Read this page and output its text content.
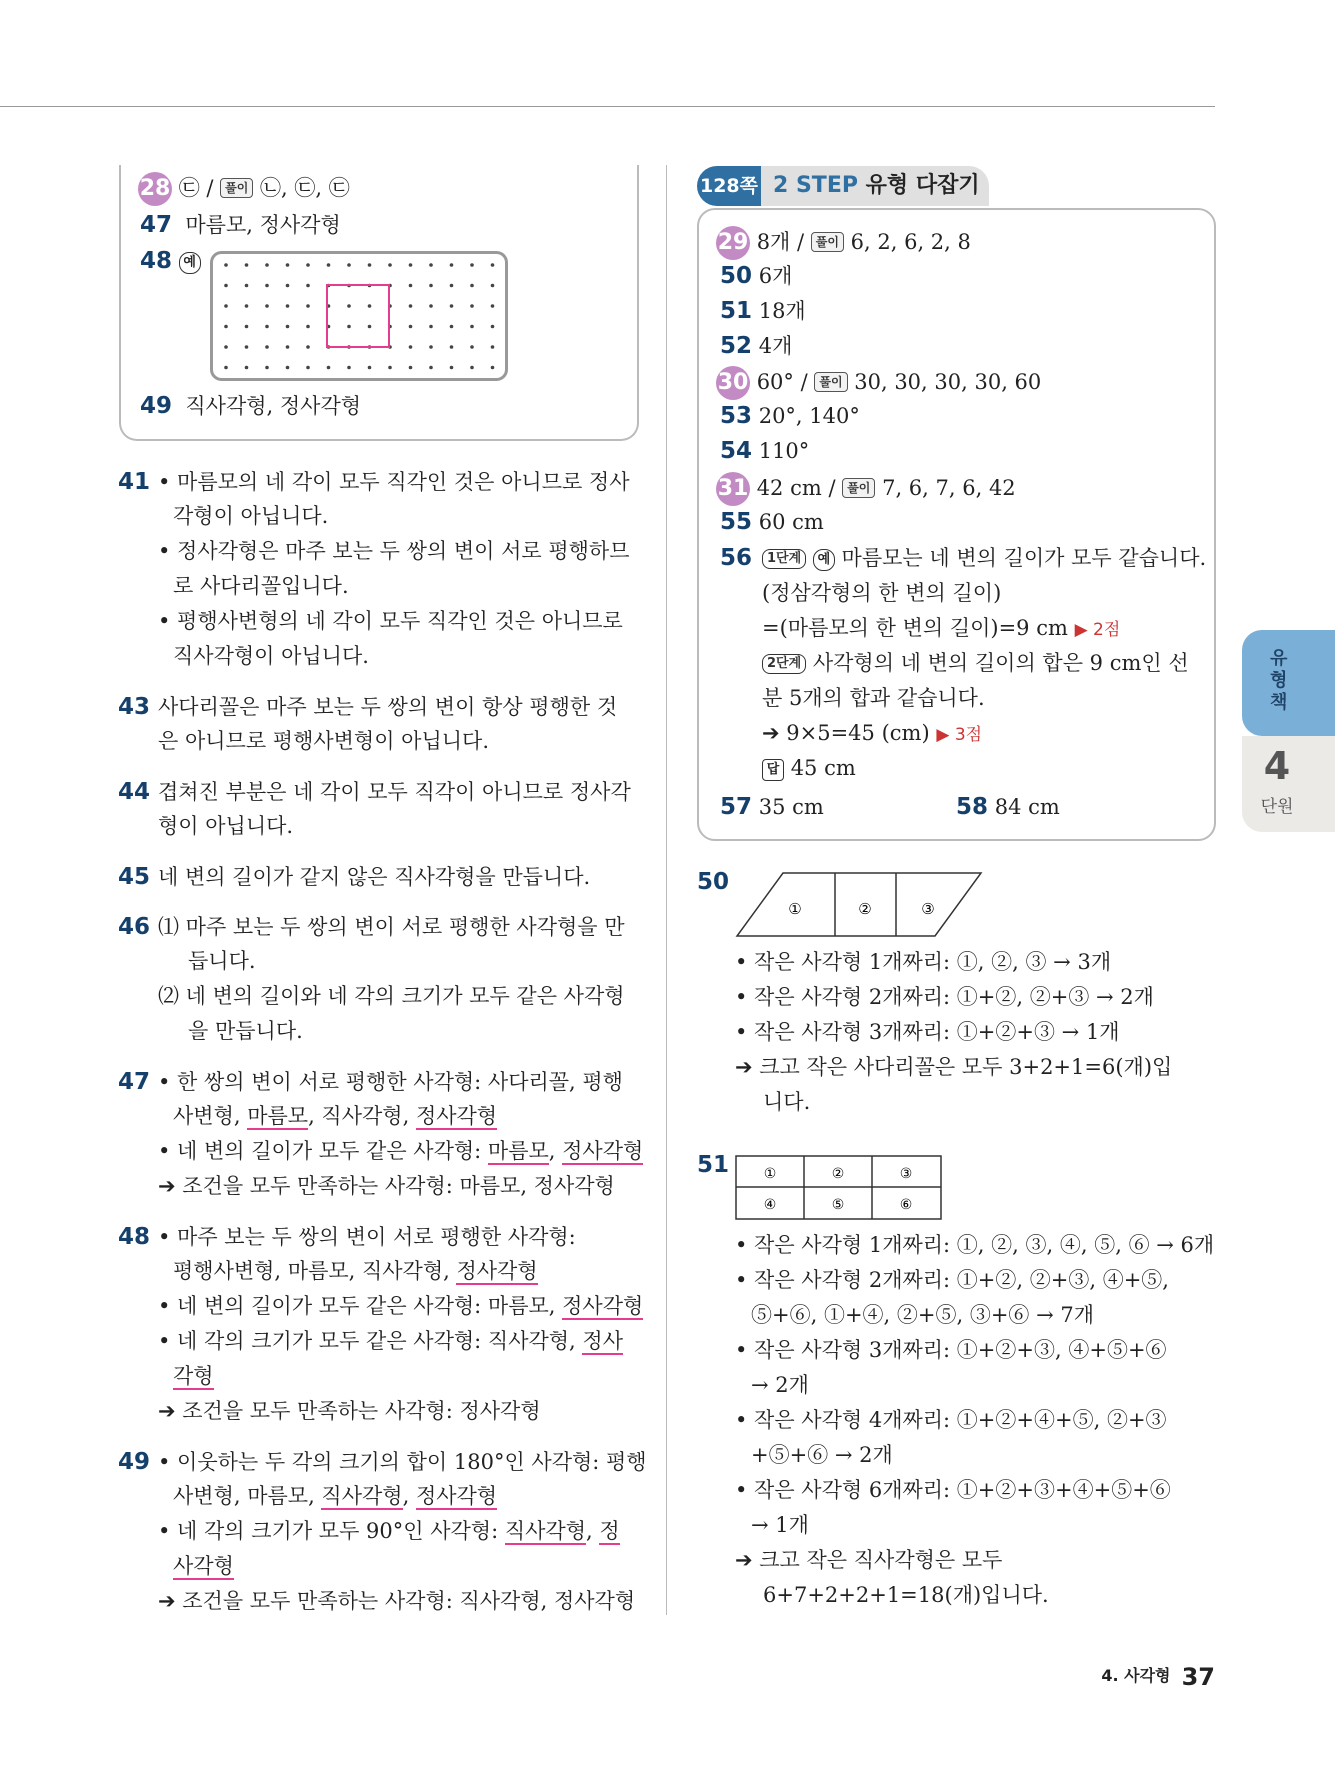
28 ㉢ / 풀이 ㉡, ㉢, ㉢
47 마름모, 정사각형
48 예
49 직사각형, 정사각형
41 • 마름모의 네 각이 모두 직각인 것은 아니므로 정사
각형이 아닙니다.
• 정사각형은 마주 보는 두 쌍의 변이 서로 평행하므
로 사다리꼴입니다.
• 평행사변형의 네 각이 모두 직각인 것은 아니므로
직사각형이 아닙니다.
43 사다리꼴은 마주 보는 두 쌍의 변이 항상 평행한 것
은 아니므로 평행사변형이 아닙니다.
44 겹쳐진 부분은 네 각이 모두 직각이 아니므로 정사각
형이 아닙니다.
45 네 변의 길이가 같지 않은 직사각형을 만듭니다.
46 ⑴ 마주 보는 두 쌍의 변이 서로 평행한 사각형을 만
듭니다.
⑵ 네 변의 길이와 네 각의 크기가 모두 같은 사각형
을 만듭니다.
47 • 한 쌍의 변이 서로 평행한 사각형: 사다리꼴, 평행
사변형, 마름모, 직사각형, 정사각형
• 네 변의 길이가 모두 같은 사각형: 마름모, 정사각형
➔ 조건을 모두 만족하는 사각형: 마름모, 정사각형
48 • 마주 보는 두 쌍의 변이 서로 평행한 사각형:
평행사변형, 마름모, 직사각형, 정사각형
• 네 변의 길이가 모두 같은 사각형: 마름모, 정사각형
• 네 각의 크기가 모두 같은 사각형: 직사각형, 정사
각형
➔ 조건을 모두 만족하는 사각형: 정사각형
49 • 이웃하는 두 각의 크기의 합이 180°인 사각형: 평행
사변형, 마름모, 직사각형, 정사각형
• 네 각의 크기가 모두 90°인 사각형: 직사각형, 정
사각형
➔ 조건을 모두 만족하는 사각형: 직사각형, 정사각형
128쪽 2 STEP 유형 다잡기
29 8개 / 풀이 6, 2, 6, 2, 8
50 6개
51 18개
52 4개
30 60° / 풀이 30, 30, 30, 30, 60
53 20°, 140°
54 110°
31 42 cm / 풀이 7, 6, 7, 6, 42
55 60 cm
56	1단계 예 마름모는 네 변의 길이가 모두 같습니다.
(정삼각형의 한 변의 길이)
=(마름모의 한 변의 길이)=9 cm ▶ 2점
2단계 사각형의 네 변의 길이의 합은 9 cm인 선
분 5개의 합과 같습니다.
➔ 9×5=45 (cm) ▶ 3점
답 45 cm
57 35 cm	58 84 cm
50
①	②	③
• 작은 사각형 1개짜리: ①, ②, ③ → 3개
• 작은 사각형 2개짜리: ①+②, ②+③ → 2개
• 작은 사각형 3개짜리: ①+②+③ → 1개
➔ 크고 작은 사다리꼴은 모두 3+2+1=6(개)입
니다.
51 ①	②	③
④	⑤	⑥
• 작은 사각형 1개짜리: ①, ②, ③, ④, ⑤, ⑥ → 6개
• 작은 사각형 2개짜리: ①+②, ②+③, ④+⑤,
⑤+⑥, ①+④, ②+⑤, ③+⑥ → 7개
• 작은 사각형 3개짜리: ①+②+③, ④+⑤+⑥
→ 2개
• 작은 사각형 4개짜리: ①+②+④+⑤, ②+③
+⑤+⑥ → 2개
• 작은 사각형 6개짜리: ①+②+③+④+⑤+⑥
→ 1개
➔ 크고 작은 직사각형은 모두
6+7+2+2+1=18(개)입니다.
유형책
4
단원
4. 사각형 37
